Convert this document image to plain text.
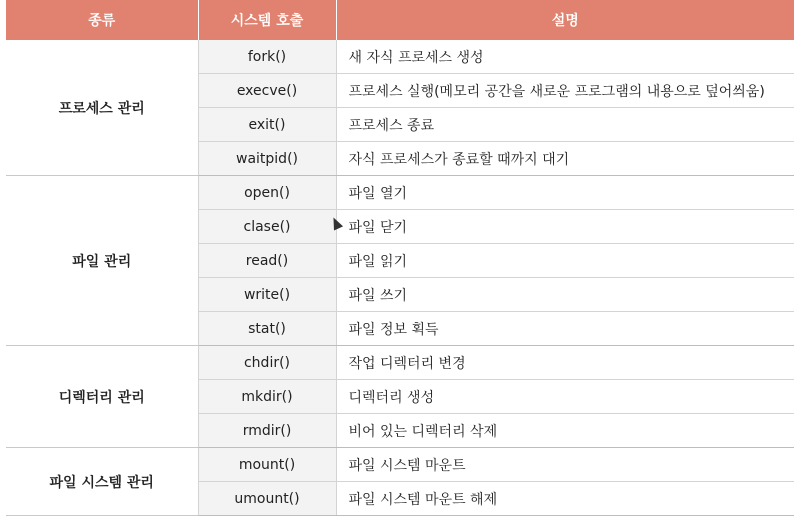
종류	시스템 호출	설명
프로세스 관리	fork()	새 자식 프로세스 생성
	execve()	프로세스 실행(메모리 공간을 새로운 프로그램의 내용으로 덮어씌움)
	exit()	프로세스 종료
	waitpid()	자식 프로세스가 종료할 때까지 대기
파일 관리	open()	파일 열기
	clase()	파일 닫기
	read()	파일 읽기
	write()	파일 쓰기
	stat()	파일 정보 획득
디렉터리 관리	chdir()	작업 디렉터리 변경
	mkdir()	디렉터리 생성
	rmdir()	비어 있는 디렉터리 삭제
파일 시스템 관리	mount()	파일 시스템 마운트
	umount()	파일 시스템 마운트 해제
